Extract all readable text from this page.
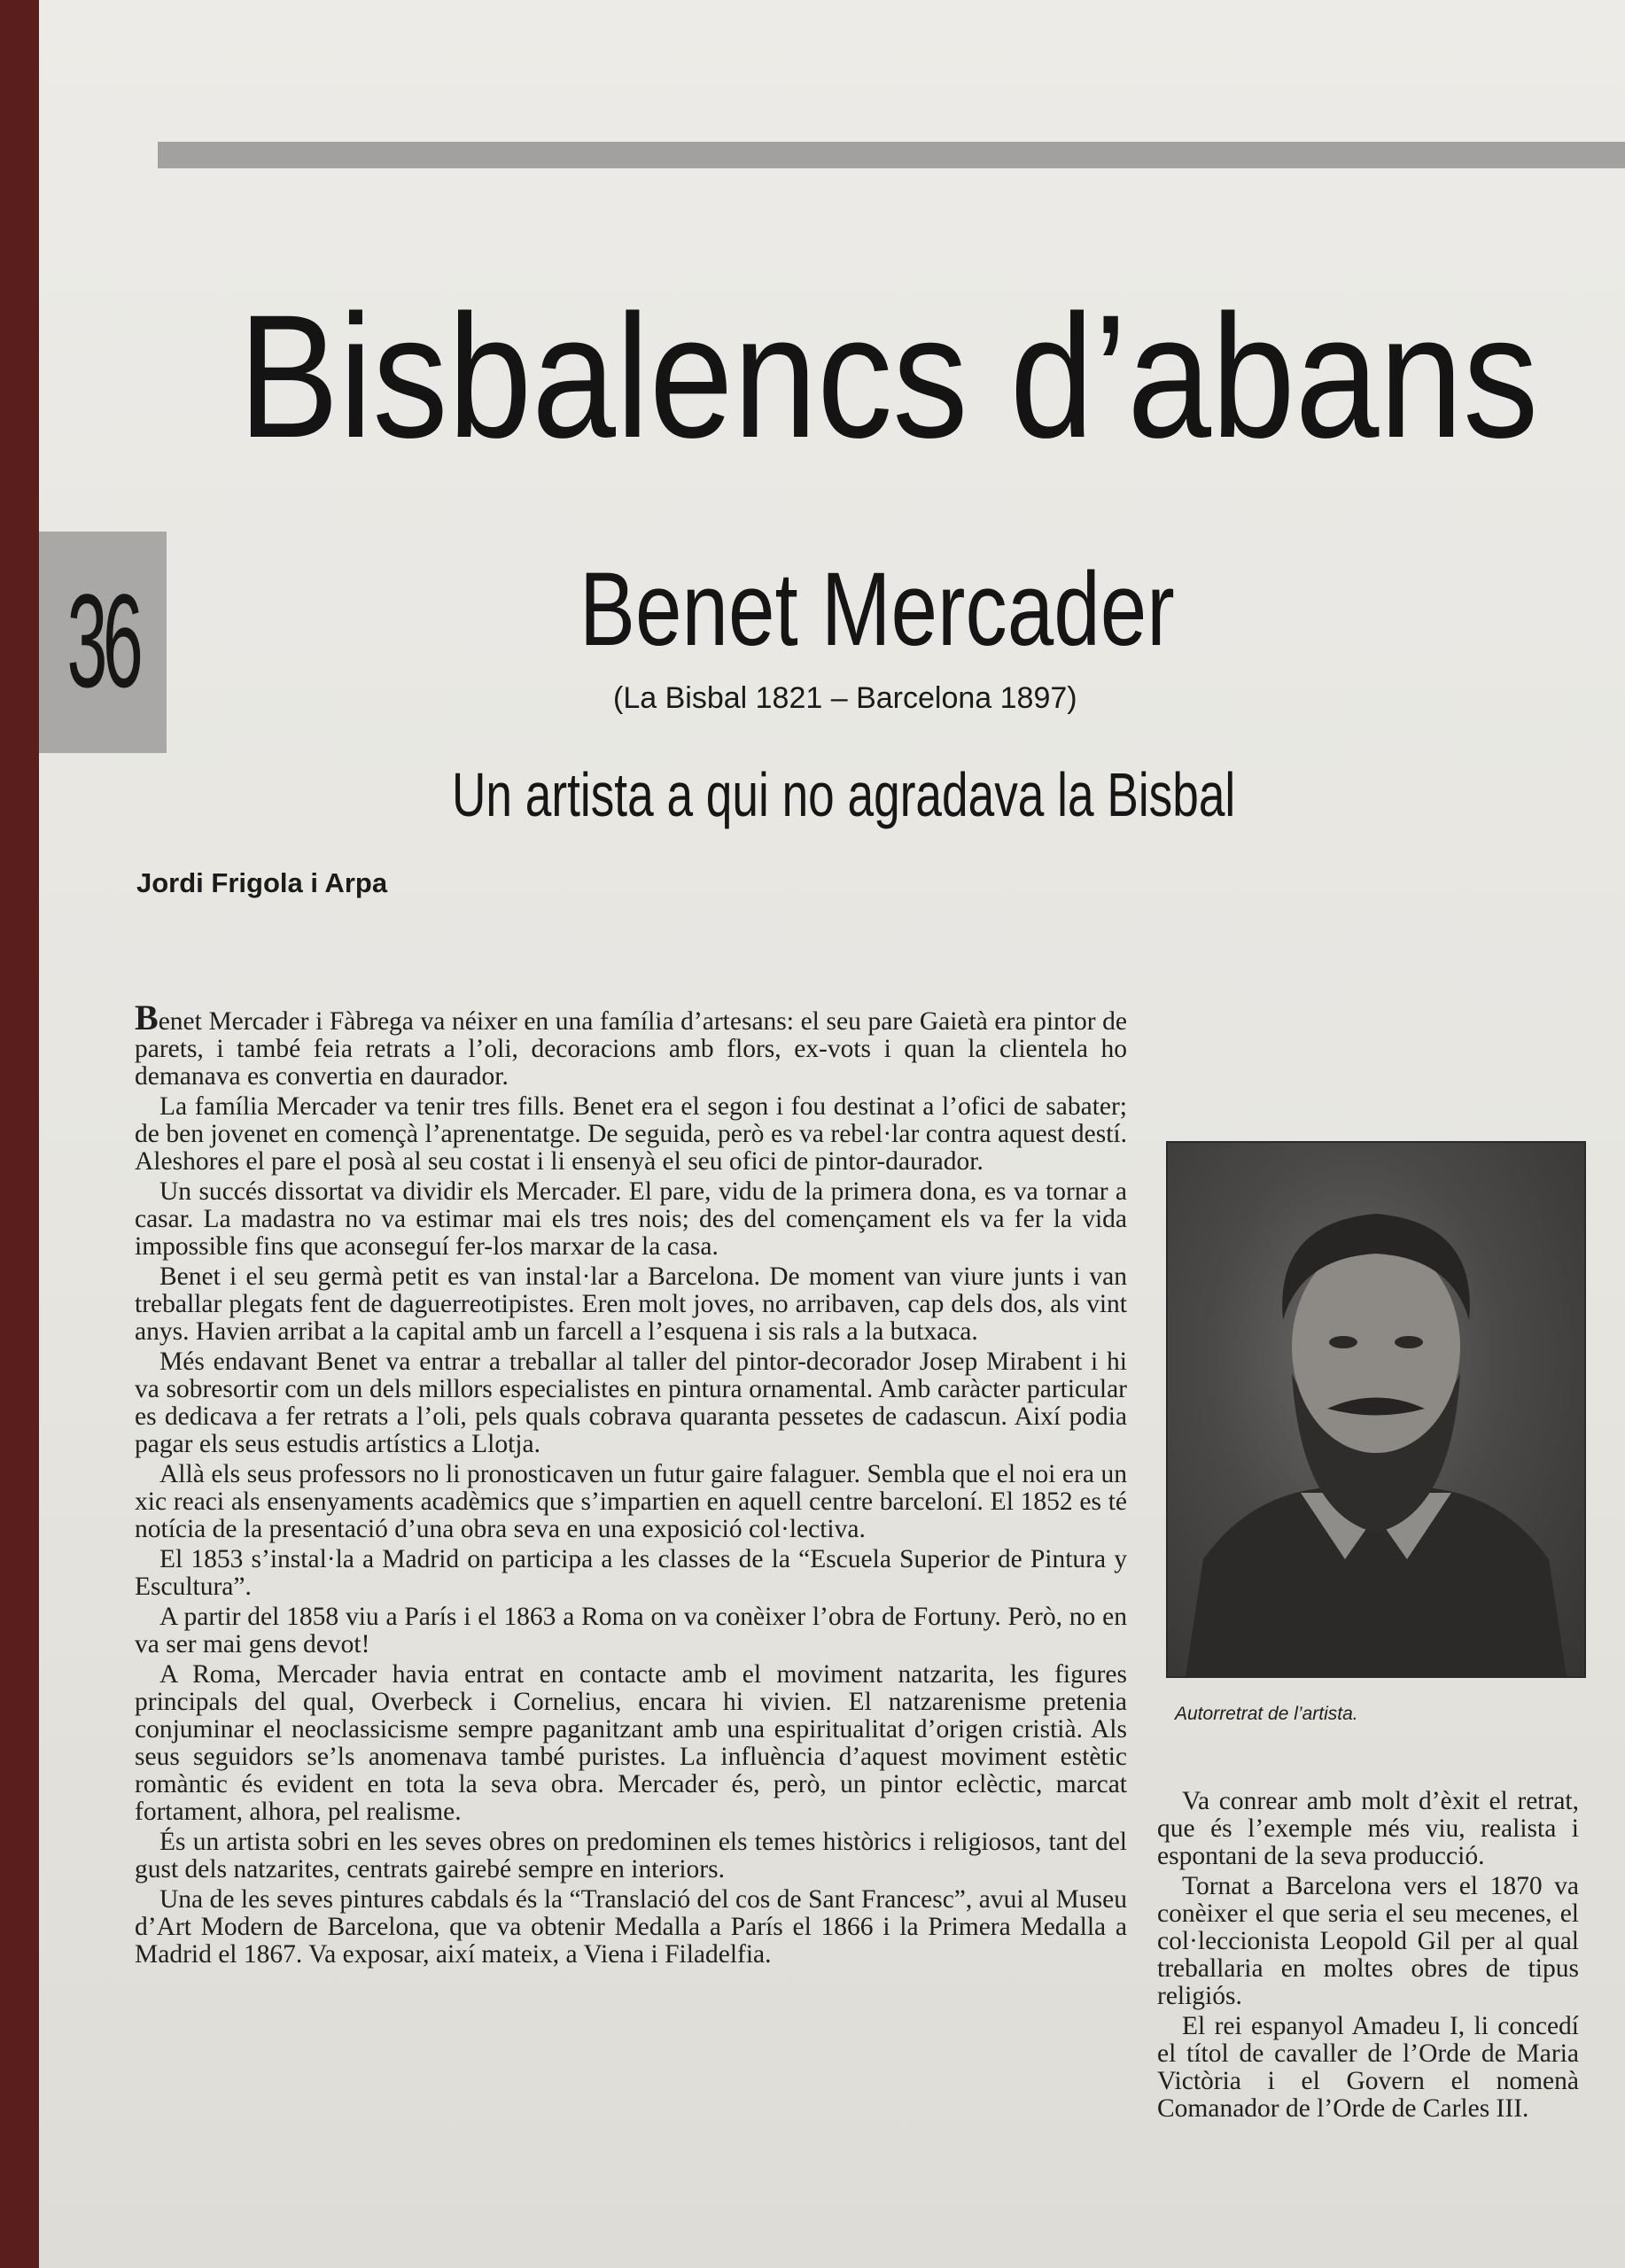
36
Bisbalencs d’abans
Benet Mercader
(La Bisbal 1821 – Barcelona 1897)
Un artista a qui no agradava la Bisbal
Jordi Frigola i Arpa

Benet Mercader i Fàbrega va néixer en una família d’artesans: el seu pare Gaietà era pintor de parets, i també feia retrats a l’oli, decoracions amb flors, ex-vots i quan la clientela ho demanava es convertia en daurador.

La família Mercader va tenir tres fills. Benet era el segon i fou destinat a l’ofici de sabater; de ben jovenet en començà l’aprenentatge. De seguida, però es va rebel·lar contra aquest destí. Aleshores el pare el posà al seu costat i li ensenyà el seu ofici de pintor-daurador.

Un succés dissortat va dividir els Mercader. El pare, vidu de la primera dona, es va tornar a casar. La madastra no va estimar mai els tres nois; des del començament els va fer la vida impossible fins que aconseguí fer-los marxar de la casa.

Benet i el seu germà petit es van instal·lar a Barcelona. De moment van viure junts i van treballar plegats fent de daguerreotipistes. Eren molt joves, no arribaven, cap dels dos, als vint anys. Havien arribat a la capital amb un farcell a l’esquena i sis rals a la butxaca.

Més endavant Benet va entrar a treballar al taller del pintor-decorador Josep Mirabent i hi va sobresortir com un dels millors especialistes en pintura ornamental. Amb caràcter particular es dedicava a fer retrats a l’oli, pels quals cobrava quaranta pessetes de cadascun. Així podia pagar els seus estudis artístics a Llotja.

Allà els seus professors no li pronosticaven un futur gaire falaguer. Sembla que el noi era un xic reaci als ensenyaments acadèmics que s’impartien en aquell centre barceloní. El 1852 es té notícia de la presentació d’una obra seva en una exposició col·lectiva.

El 1853 s’instal·la a Madrid on participa a les classes de la “Escuela Superior de Pintura y Escultura”.

A partir del 1858 viu a París i el 1863 a Roma on va conèixer l’obra de Fortuny. Però, no en va ser mai gens devot!

A Roma, Mercader havia entrat en contacte amb el moviment natzarita, les figures principals del qual, Overbeck i Cornelius, encara hi vivien. El natzarenisme pretenia conjuminar el neoclassicisme sempre paganitzant amb una espiritualitat d’origen cristià. Als seus seguidors se’ls anomenava també puristes. La influència d’aquest moviment estètic romàntic és evident en tota la seva obra. Mercader és, però, un pintor eclèctic, marcat fortament, alhora, pel realisme.

És un artista sobri en les seves obres on predominen els temes històrics i religiosos, tant del gust dels natzarites, centrats gairebé sempre en interiors.

Una de les seves pintures cabdals és la “Translació del cos de Sant Francesc”, avui al Museu d’Art Modern de Barcelona, que va obtenir Medalla a París el 1866 i la Primera Medalla a Madrid el 1867. Va exposar, així mateix, a Viena i Filadelfia.

Autorretrat de l’artista.

Va conrear amb molt d’èxit el retrat, que és l’exemple més viu, realista i espontani de la seva producció.

Tornat a Barcelona vers el 1870 va conèixer el que seria el seu mecenes, el col·leccionista Leopold Gil per al qual treballaria en moltes obres de tipus religiós.

El rei espanyol Amadeu I, li concedí el títol de cavaller de l’Orde de Maria Victòria i el Govern el nomenà Comanador de l’Orde de Carles III.
